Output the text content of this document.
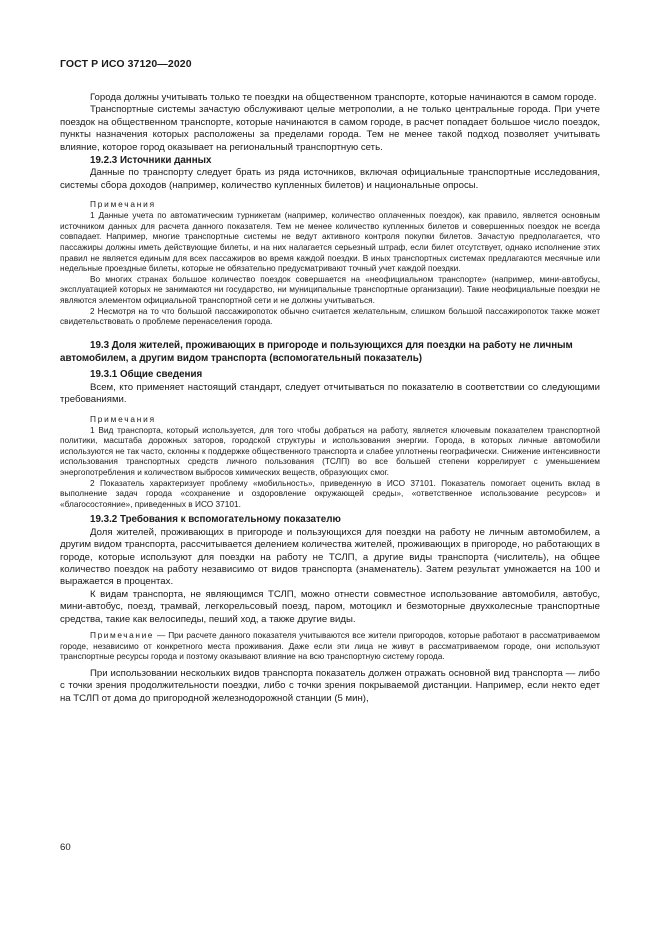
ГОСТ Р ИСО 37120—2020

Города должны учитывать только те поездки на общественном транспорте, которые начинаются в самом городе.

Транспортные системы зачастую обслуживают целые метрополии, а не только центральные города. При учете поездок на общественном транспорте, которые начинаются в самом городе, в расчет попадает большое число поездок, пункты назначения которых расположены за пределами города. Тем не менее такой подход позволяет учитывать влияние, которое город оказывает на региональный транспортную сеть.

19.2.3 Источники данных

Данные по транспорту следует брать из ряда источников, включая официальные транспортные исследования, системы сбора доходов (например, количество купленных билетов) и национальные опросы.

Примечания

1 Данные учета по автоматическим турникетам (например, количество оплаченных поездок), как правило, является основным источником данных для расчета данного показателя. Тем не менее количество купленных билетов и совершенных поездок не всегда совпадает. Например, многие транспортные системы не ведут активного контроля покупки билетов. Зачастую предполагается, что пассажиры должны иметь действующие билеты, и на них налагается серьезный штраф, если билет отсутствует, однако исполнение этих правил не является единым для всех пассажиров во время каждой поездки. В иных транспортных системах предлагаются месячные или недельные проездные билеты, которые не обязательно предусматривают точный учет каждой поездки.

Во многих странах большое количество поездок совершается на «неофициальном транспорте» (например, мини-автобусы, эксплуатацией которых не занимаются ни государство, ни муниципальные транспортные организации). Такие неофициальные поездки не являются элементом официальной транспортной сети и не должны учитываться.

2 Несмотря на то что большой пассажиропоток обычно считается желательным, слишком большой пассажиропоток также может свидетельствовать о проблеме перенаселения города.

19.3 Доля жителей, проживающих в пригороде и пользующихся для поездки на работу не личным автомобилем, а другим видом транспорта (вспомогательный показатель)
19.3.1 Общие сведения

Всем, кто применяет настоящий стандарт, следует отчитываться по показателю в соответствии со следующими требованиями.

Примечания

1 Вид транспорта, который используется, для того чтобы добраться на работу, является ключевым показателем транспортной политики, масштаба дорожных заторов, городской структуры и использования энергии. Города, в которых личные автомобили используются не так часто, склонны к поддержке общественного транспорта и слабее уплотнены географически. Снижение интенсивности использования транспортных средств личного пользования (ТСЛП) во все большей степени коррелирует с уменьшением энергопотребления и количеством выбросов химических веществ, образующих смог.

2 Показатель характеризует проблему «мобильность», приведенную в ИСО 37101. Показатель помогает оценить вклад в выполнение задач города «сохранение и оздоровление окружающей среды», «ответственное использование ресурсов» и «благосостояние», приведенных в ИСО 37101.

19.3.2 Требования к вспомогательному показателю

Доля жителей, проживающих в пригороде и пользующихся для поездки на работу не личным автомобилем, а другим видом транспорта, рассчитывается делением количества жителей, проживающих в пригороде, но работающих в городе, которые используют для поездки на работу не ТСЛП, а другие виды транспорта (числитель), на общее количество поездок на работу независимо от видов транспорта (знаменатель). Затем результат умножается на 100 и выражается в процентах.

К видам транспорта, не являющимся ТСЛП, можно отнести совместное использование автомобиля, автобус, мини-автобус, поезд, трамвай, легкорельсовый поезд, паром, мотоцикл и безмоторные двухколесные транспортные средства, такие как велосипеды, пеший ход, а также другие виды.

Примечание — При расчете данного показателя учитываются все жители пригородов, которые работают в рассматриваемом городе, независимо от конкретного места проживания. Даже если эти лица не живут в рассматриваемом городе, они используют транспортные ресурсы города и поэтому оказывают влияние на всю транспортную систему города.

При использовании нескольких видов транспорта показатель должен отражать основной вид транспорта — либо с точки зрения продолжительности поездки, либо с точки зрения покрываемой дистанции. Например, если некто едет на ТСЛП от дома до пригородной железнодорожной станции (5 мин),

60
